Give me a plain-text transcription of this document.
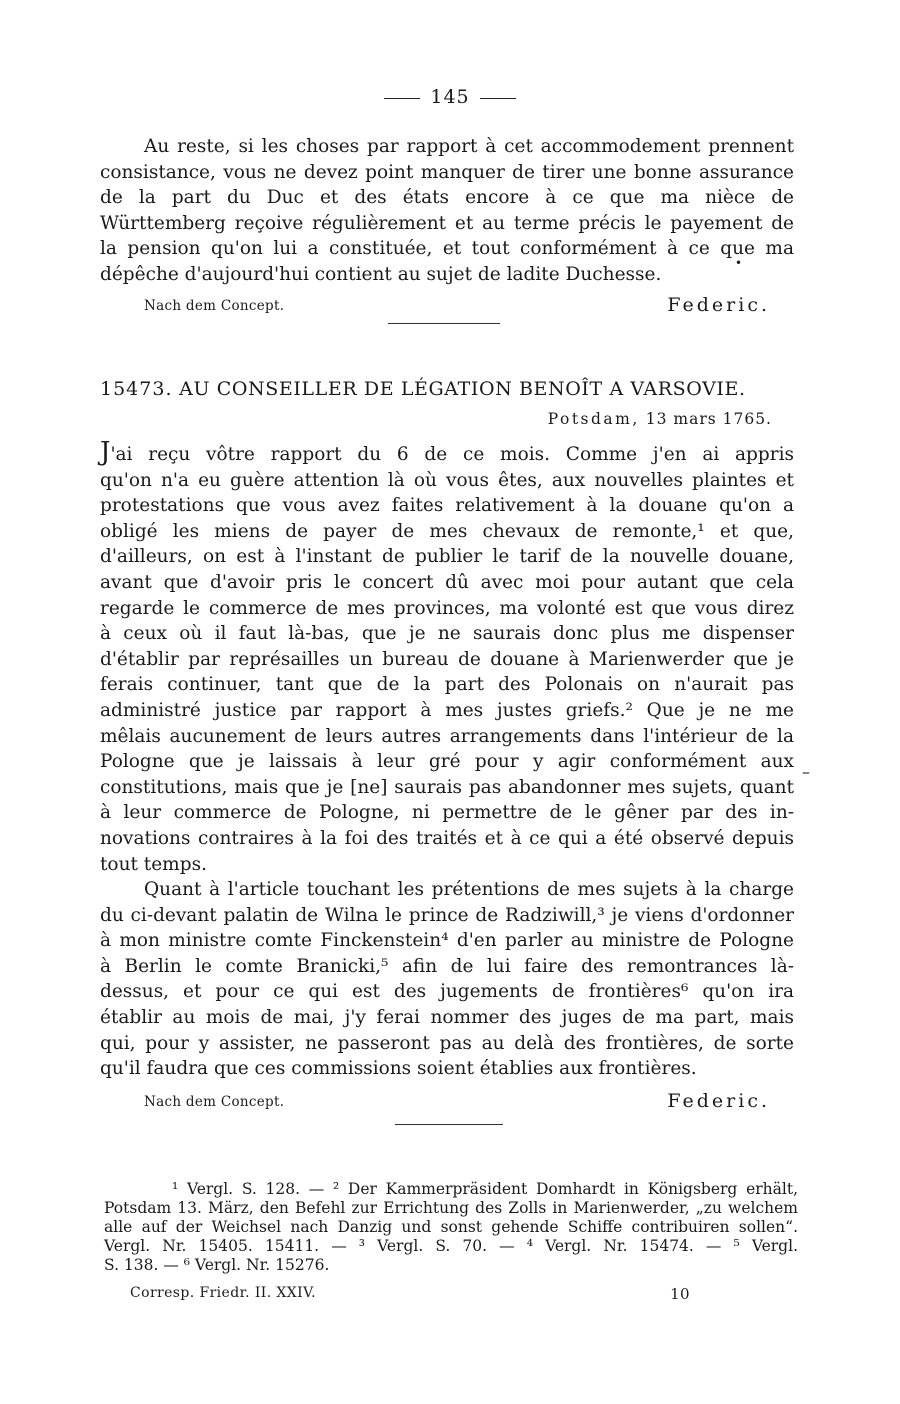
145

Au reste, si les choses par rapport à cet accommodement prennent
consistance, vous ne devez point manquer de tirer une bonne assurance
de la part du Duc et des états encore à ce que ma nièce de
Württemberg reçoive régulièrement et au terme précis le payement de
la pension qu'on lui a constituée, et tout conformément à ce que ma
dépêche d'aujourd'hui contient au sujet de ladite Duchesse.

Nach dem Concept.	Federic.
15473. AU CONSEILLER DE LÉGATION BENOÎT A VARSOVIE.
Potsdam, 13 mars 1765.

J'ai reçu vôtre rapport du 6 de ce mois. Comme j'en ai appris
qu'on n'a eu guère attention là où vous êtes, aux nouvelles plaintes et
protestations que vous avez faites relativement à la douane qu'on a
obligé les miens de payer de mes chevaux de remonte,¹ et que,
d'ailleurs, on est à l'instant de publier le tarif de la nouvelle douane,
avant que d'avoir pris le concert dû avec moi pour autant que cela
regarde le commerce de mes provinces, ma volonté est que vous direz
à ceux où il faut là-bas, que je ne saurais donc plus me dispenser
d'établir par représailles un bureau de douane à Marienwerder que je
ferais continuer, tant que de la part des Polonais on n'aurait pas
administré justice par rapport à mes justes griefs.² Que je ne me
mêlais aucunement de leurs autres arrangements dans l'intérieur de la
Pologne que je laissais à leur gré pour y agir conformément aux
constitutions, mais que je [ne] saurais pas abandonner mes sujets, quant
à leur commerce de Pologne, ni permettre de le gêner par des in-
novations contraires à la foi des traités et à ce qui a été observé depuis
tout temps.

Quant à l'article touchant les prétentions de mes sujets à la charge
du ci-devant palatin de Wilna le prince de Radziwill,³ je viens d'ordonner
à mon ministre comte Finckenstein⁴ d'en parler au ministre de Pologne
à Berlin le comte Branicki,⁵ afin de lui faire des remontrances là-
dessus, et pour ce qui est des jugements de frontières⁶ qu'on ira
établir au mois de mai, j'y ferai nommer des juges de ma part, mais
qui, pour y assister, ne passeront pas au delà des frontières, de sorte
qu'il faudra que ces commissions soient établies aux frontières.

Nach dem Concept.	Federic.
¹ Vergl. S. 128. — ² Der Kammerpräsident Domhardt in Königsberg erhält,
Potsdam 13. März, den Befehl zur Errichtung des Zolls in Marienwerder, „zu welchem
alle auf der Weichsel nach Danzig und sonst gehende Schiffe contribuiren sollen“.
Vergl. Nr. 15405. 15411. — ³ Vergl. S. 70. — ⁴ Vergl. Nr. 15474. — ⁵ Vergl.
S. 138. — ⁶ Vergl. Nr. 15276.
Corresp. Friedr. II. XXIV.	10
–
•
